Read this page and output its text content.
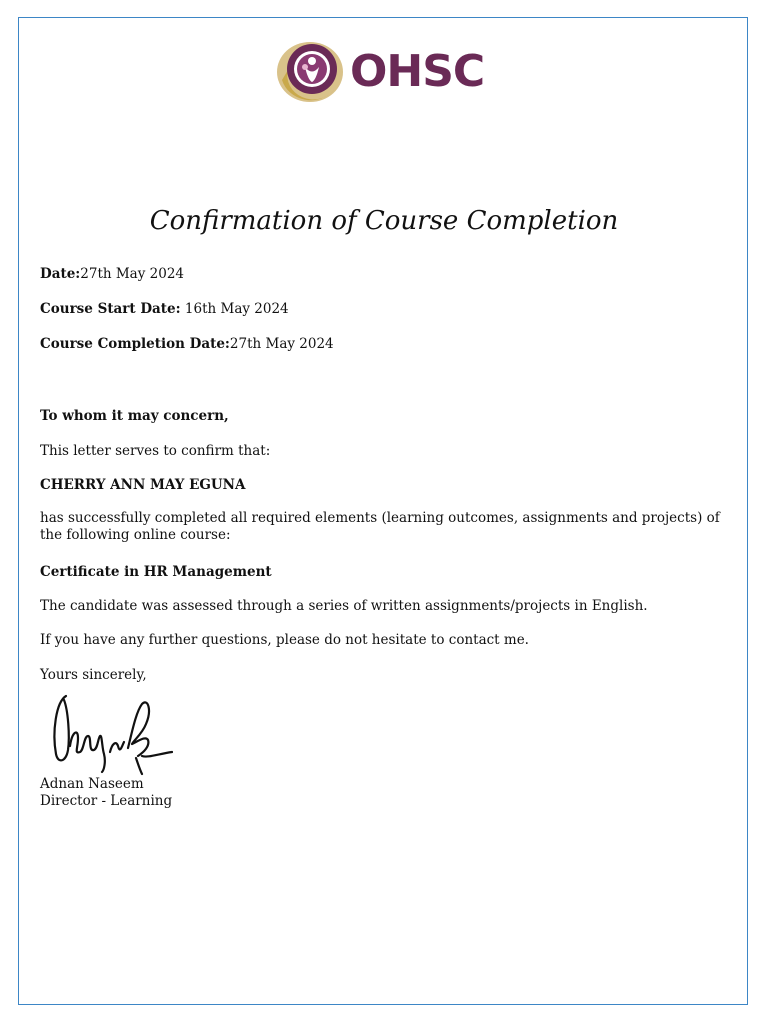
OHSC
Confirmation of Course Completion
Date:27th May 2024
Course Start Date: 16th May 2024
Course Completion Date:27th May 2024
To whom it may concern,
This letter serves to confirm that:
CHERRY ANN MAY EGUNA
has successfully completed all required elements (learning outcomes, assignments and projects) of the following online course:
Certificate in HR Management
The candidate was assessed through a series of written assignments/projects in English.
If you have any further questions, please do not hesitate to contact me.
Yours sincerely,
Adnan Naseem
Director - Learning
